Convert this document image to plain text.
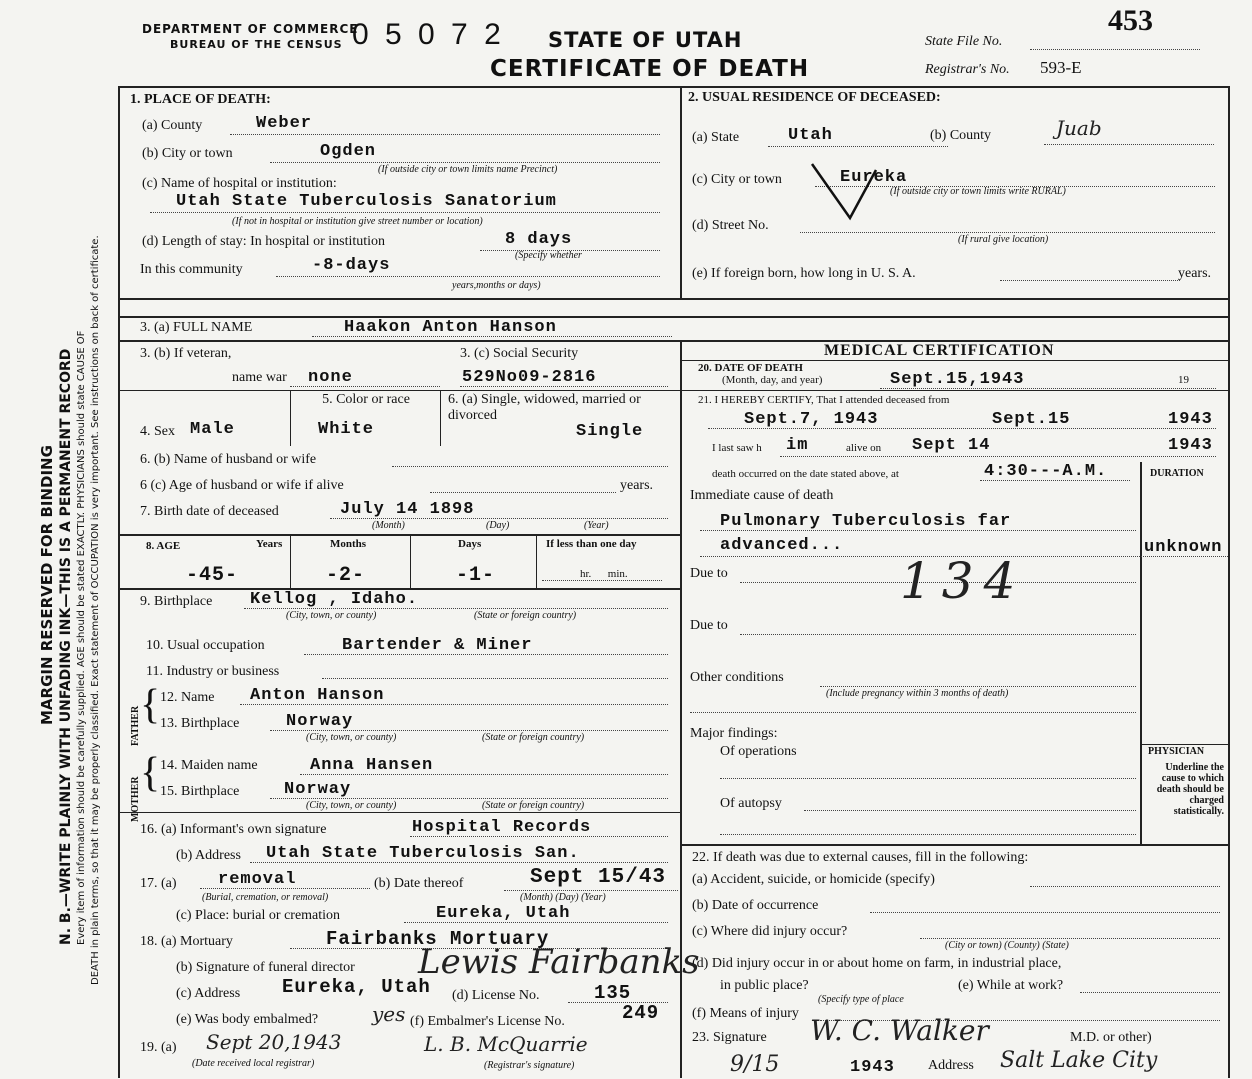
MARGIN RESERVED FOR BINDING N. B.—WRITE PLAINLY WITH UNFADING INK—THIS IS A PERMANENT RECORD Every item of information should be carefully supplied. AGE should be stated EXACTLY. PHYSICIANS should state CAUSE OF DEATH in plain terms, so that it may be properly classified. Exact statement of OCCUPATION is very important. See instructions on back of certificate.
DEPARTMENT OF COMMERCE
BUREAU OF THE CENSUS 0 5 0 7 2 STATE OF UTAH
CERTIFICATE OF DEATH
State File No.
453
Registrar's No. 593-E
1. PLACE OF DEATH:
(a) County	Weber
(b) City or town	Ogden
(If outside city or town limits name Precinct)
(c) Name of hospital or institution:
Utah State Tuberculosis Sanatorium
(If not in hospital or institution give street number or location)
(d) Length of stay: In hospital or institution	8 days
(Specify whether
In this community	-8-days
years,months or days)
2. USUAL RESIDENCE OF DECEASED:
(a) State	Utah	(b) County	Juab
(c) City or town	Eureka
(If outside city or town limits write RURAL)
(d) Street No.
(If rural give location)
(e) If foreign born, how long in U. S. A.	years.
3. (a) FULL NAME	Haakon Anton Hanson
MEDICAL CERTIFICATION
20. DATE OF DEATH
(Month, day, and year)	Sept.15,1943	19
21. I HEREBY CERTIFY, That I attended deceased from
Sept.7, 1943	Sept.15	1943
I last saw h im	alive on Sept 14	1943
death occurred on the date stated above, at	4:30---A.M.	DURATION
Immediate cause of death
Pulmonary Tuberculosis far
advanced...	unknown
Due to	134
Due to
Other conditions
(Include pregnancy within 3 months of death)
Major findings:
Of operations
Of autopsy
PHYSICIAN
Underline the cause to which death should be charged statistically.
22. If death was due to external causes, fill in the following:
(a) Accident, suicide, or homicide (specify)
(b) Date of occurrence
(c) Where did injury occur?
(City or town) (County) (State)
(d) Did injury occur in or about home on farm, in industrial place,
in public place?	(e) While at work?
(Specify type of place
(f) Means of injury
23. Signature W. C. Walker	M.D. or other)
9/15	1943 Address Salt Lake City
3. (b) If veteran,
name war none
3. (c) Social Security
529No09-2816
4. Sex Male
5. Color or race
White
6. (a) Single, widowed, married or divorced
Single
6. (b) Name of husband or wife
6 (c) Age of husband or wife if alive	years.
7. Birth date of deceased	July 14 1898
(Month)	(Day)	(Year)
8. AGE	Years	Months	Days	If less than one day
-45-	-2-	-1-	hr.      min.
9. Birthplace Kellog , Idaho.
(City, town, or county)	(State or foreign country)
10. Usual occupation	Bartender & Miner
11. Industry or business
FATHER { 12. Name Anton Hanson
13. Birthplace	Norway
(City, town, or county)	(State or foreign country)
MOTHER
{ 14. Maiden name	Anna Hansen
15. Birthplace	Norway
(City, town, or county)	(State or foreign country)
16. (a) Informant's own signature	Hospital Records
(b) Address Utah State Tuberculosis San.
17. (a) removal
(Burial, cremation, or removal)
(b) Date thereof	Sept 15/43
(Month) (Day) (Year)
(c) Place: burial or cremation	Eureka, Utah
18. (a) Mortuary	Fairbanks Mortuary
(b) Signature of funeral director Lewis Fairbanks
(c) Address Eureka, Utah (d) License No.	135
(e) Was body embalmed?	yes (f) Embalmer's License No.	249
19. (a) Sept 20,1943	L. B. McQuarrie
(Date received local registrar)	(Registrar's signature)
